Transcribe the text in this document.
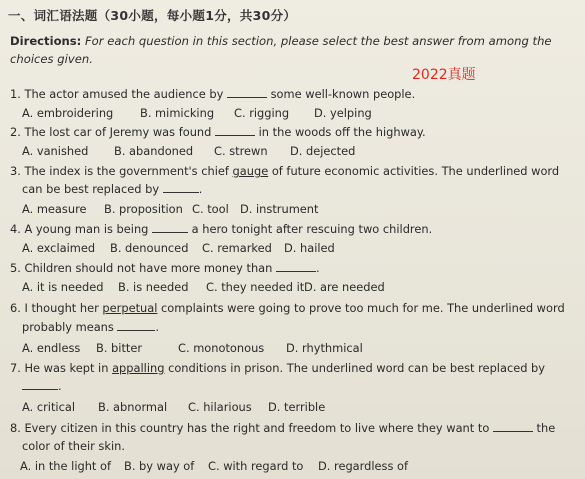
一、词汇语法题（30小题，每小题1分，共30分）
Directions: For each question in this section, please select the best answer from among the choices given.
2022真题
1. The actor amused the audience by	some well-known people.
A. embroidering B. mimicking C. rigging D. yelping
2. The lost car of Jeremy was found	in the woods off the highway.
A. vanished B. abandoned C. strewn D. dejected
3. The index is the government's chief gauge of future economic activities. The underlined word
can be best replaced by	.
A. measure B. proposition C. tool D. instrument
4. A young man is being	a hero tonight after rescuing two children.
A. exclaimed B. denounced C. remarked D. hailed
5. Children should not have more money than	.
A. it is needed B. is needed C. they needed it D. are needed
6. I thought her perpetual complaints were going to prove too much for me. The underlined word
probably means	.
A. endless B. bitter	C. monotonous D. rhythmical
7. He was kept in appalling conditions in prison. The underlined word can be best replaced by
.
A. critical B. abnormal C. hilarious D. terrible
8. Every citizen in this country has the right and freedom to live where they want to	the
color of their skin.
A. in the light of B. by way of C. with regard to D. regardless of
